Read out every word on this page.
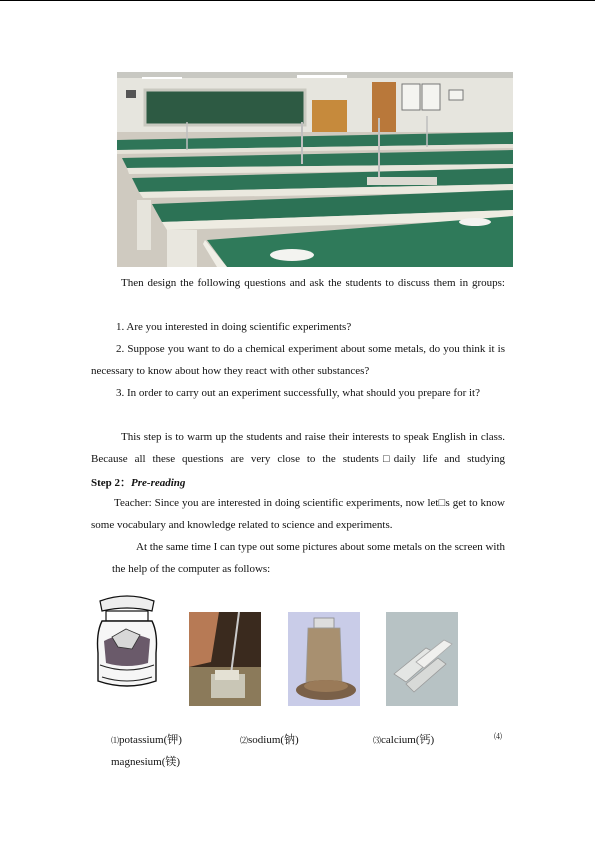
Then design the following questions and ask the students to discuss them in groups:
1. Are you interested in doing scientific experiments?
2. Suppose you want to do a chemical experiment about some metals, do you think it is necessary to know about how they react with other substances?
3. In order to carry out an experiment successfully, what should you prepare for it?
This step is to warm up the students and raise their interests to speak English in class. Because all these questions are very close to the students□daily life and studying
Step 2：Pre-reading
Teacher: Since you are interested in doing scientific experiments, now let□s get to know some vocabulary and knowledge related to science and experiments.
At the same time I can type out some pictures about some metals on the screen with the help of the computer as follows:
⑴potassium(钾)	⑵sodium(钠)	⑶calcium(钙)	⑷
magnesium(镁)
